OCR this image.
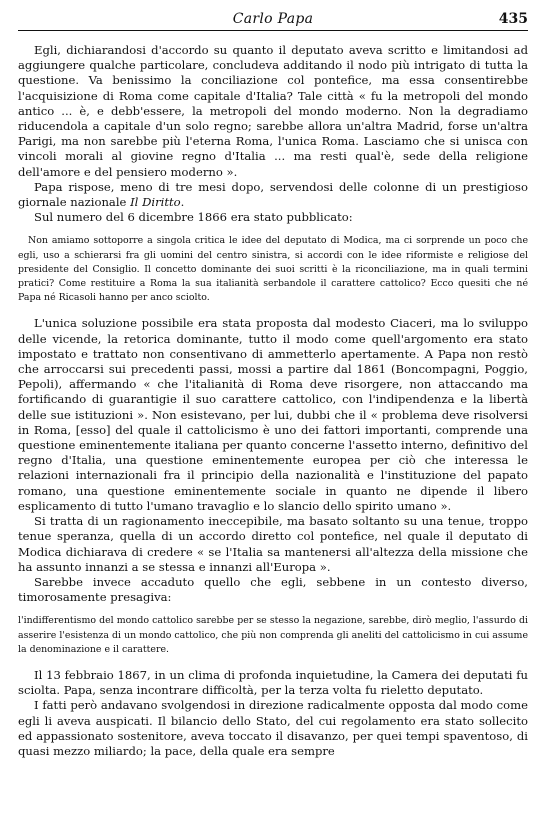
Carlo Papa	435

Egli, dichiarandosi d'accordo su quanto il deputato aveva scritto e limitandosi ad aggiungere qualche particolare, concludeva additando il nodo più intrigato di tutta la questione. Va benissimo la conciliazione col pontefice, ma essa consentirebbe l'acquisizione di Roma come capitale d'Italia? Tale città « fu la metropoli del mondo antico ... è, e debb'essere, la metropoli del mondo moderno. Non la degradiamo riducendola a capitale d'un solo regno; sarebbe allora un'altra Madrid, forse un'altra Parigi, ma non sarebbe più l'eterna Roma, l'unica Roma. Lasciamo che si unisca con vincoli morali al giovine regno d'Italia ... ma resti qual'è, sede della religione dell'amore e del pensiero moderno ».

Papa rispose, meno di tre mesi dopo, servendosi delle colonne di un prestigioso giornale nazionale Il Diritto.

Sul numero del 6 dicembre 1866 era stato pubblicato:

Non amiamo sottoporre a singola critica le idee del deputato di Modica, ma ci sorprende un poco che egli, uso a schierarsi fra gli uomini del centro sinistra, si accordi con le idee riformiste e religiose del presidente del Consiglio. Il concetto dominante dei suoi scritti è la riconciliazione, ma in quali termini pratici? Come restituire a Roma la sua italianità serbandole il carattere cattolico? Ecco quesiti che né Papa né Ricasoli hanno per anco sciolto.

L'unica soluzione possibile era stata proposta dal modesto Ciaceri, ma lo sviluppo delle vicende, la retorica dominante, tutto il modo come quell'argomento era stato impostato e trattato non consentivano di ammetterlo apertamente. A Papa non restò che arroccarsi sui precedenti passi, mossi a partire dal 1861 (Boncompagni, Poggio, Pepoli), affermando « che l'italianità di Roma deve risorgere, non attaccando ma fortificando di guarantigie il suo carattere cattolico, con l'indipendenza e la libertà delle sue istituzioni ». Non esistevano, per lui, dubbi che il « problema deve risolversi in Roma, [esso] del quale il cattolicismo è uno dei fattori importanti, comprende una questione eminentemente italiana per quanto concerne l'assetto interno, definitivo del regno d'Italia, una questione eminentemente europea per ciò che interessa le relazioni internazionali fra il principio della nazionalità e l'instituzione del papato romano, una questione eminentemente sociale in quanto ne dipende il libero esplicamento di tutto l'umano travaglio e lo slancio dello spirito umano ».

Si tratta di un ragionamento ineccepibile, ma basato soltanto su una tenue, troppo tenue speranza, quella di un accordo diretto col pontefice, nel quale il deputato di Modica dichiarava di credere « se l'Italia sa mantenersi all'altezza della missione che ha assunto innanzi a se stessa e innanzi all'Europa ».

Sarebbe invece accaduto quello che egli, sebbene in un contesto diverso, timorosamente presagiva:

l'indifferentismo del mondo cattolico sarebbe per se stesso la negazione, sarebbe, dirò meglio, l'assurdo di asserire l'esistenza di un mondo cattolico, che più non comprenda gli aneliti del cattolicismo in cui assume la denominazione e il carattere.

Il 13 febbraio 1867, in un clima di profonda inquietudine, la Camera dei deputati fu sciolta. Papa, senza incontrare difficoltà, per la terza volta fu rieletto deputato.

I fatti però andavano svolgendosi in direzione radicalmente opposta dal modo come egli li aveva auspicati. Il bilancio dello Stato, del cui regolamento era stato sollecito ed appassionato sostenitore, aveva toccato il disavanzo, per quei tempi spaventoso, di quasi mezzo miliardo; la pace, della quale era sempre
